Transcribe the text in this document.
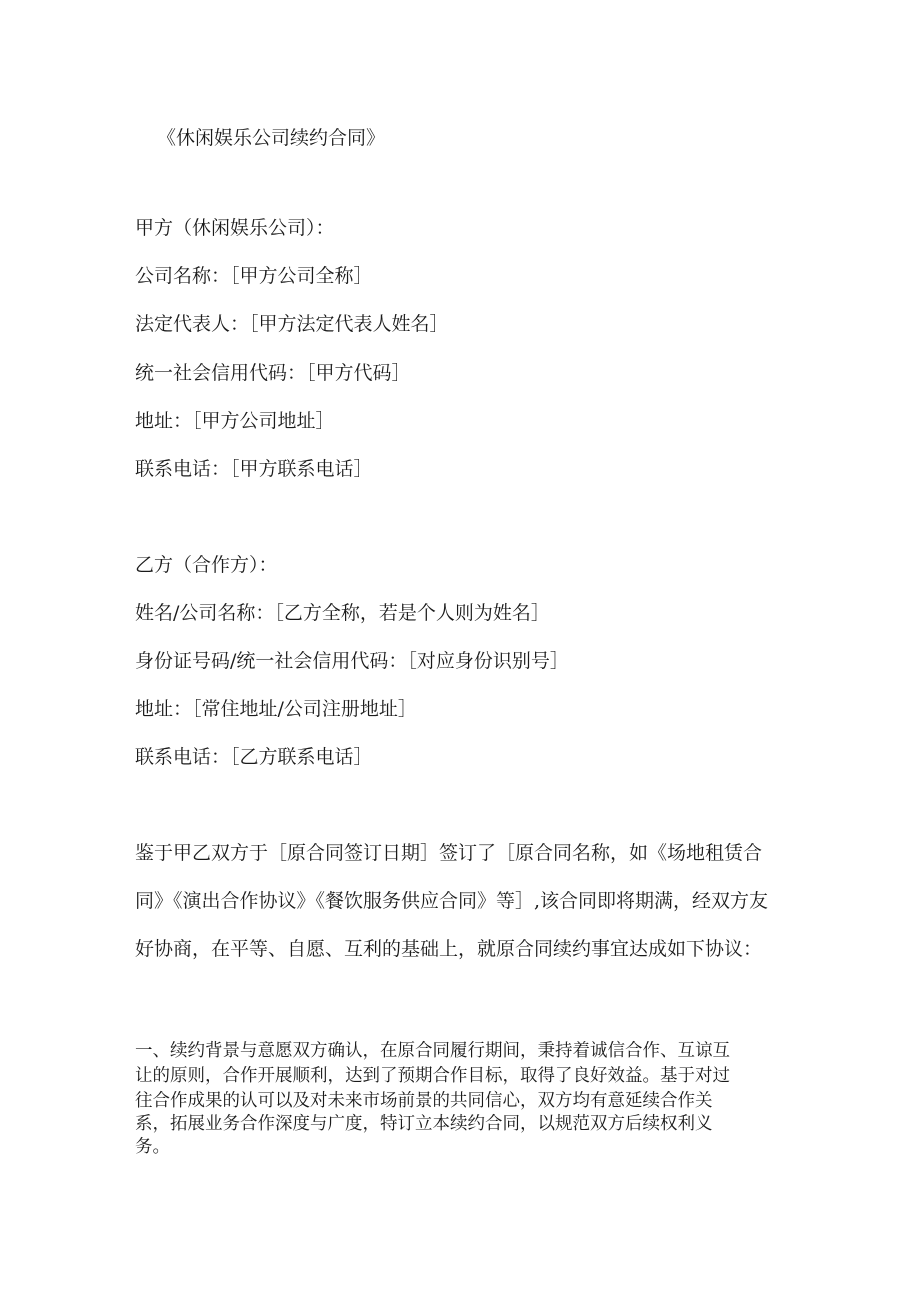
《休闲娱乐公司续约合同》

甲方（休闲娱乐公司）：

公司名称：［甲方公司全称］

法定代表人：［甲方法定代表人姓名］

统一社会信用代码：［甲方代码］

地址：［甲方公司地址］

联系电话：［甲方联系电话］

乙方（合作方）：

姓名/公司名称：［乙方全称，若是个人则为姓名］

身份证号码/统一社会信用代码：［对应身份识别号］

地址：［常住地址/公司注册地址］

联系电话：［乙方联系电话］

鉴于甲乙双方于［原合同签订日期］签订了［原合同名称，如《场地租赁合

同》《演出合作协议》《餐饮服务供应合同》等］,该合同即将期满，经双方友

好协商，在平等、自愿、互利的基础上，就原合同续约事宜达成如下协议：

一、续约背景与意愿双方确认，在原合同履行期间，秉持着诚信合作、互谅互

让的原则，合作开展顺利，达到了预期合作目标，取得了良好效益。基于对过

往合作成果的认可以及对未来市场前景的共同信心，双方均有意延续合作关

系，拓展业务合作深度与广度，特订立本续约合同，以规范双方后续权利义

务。
